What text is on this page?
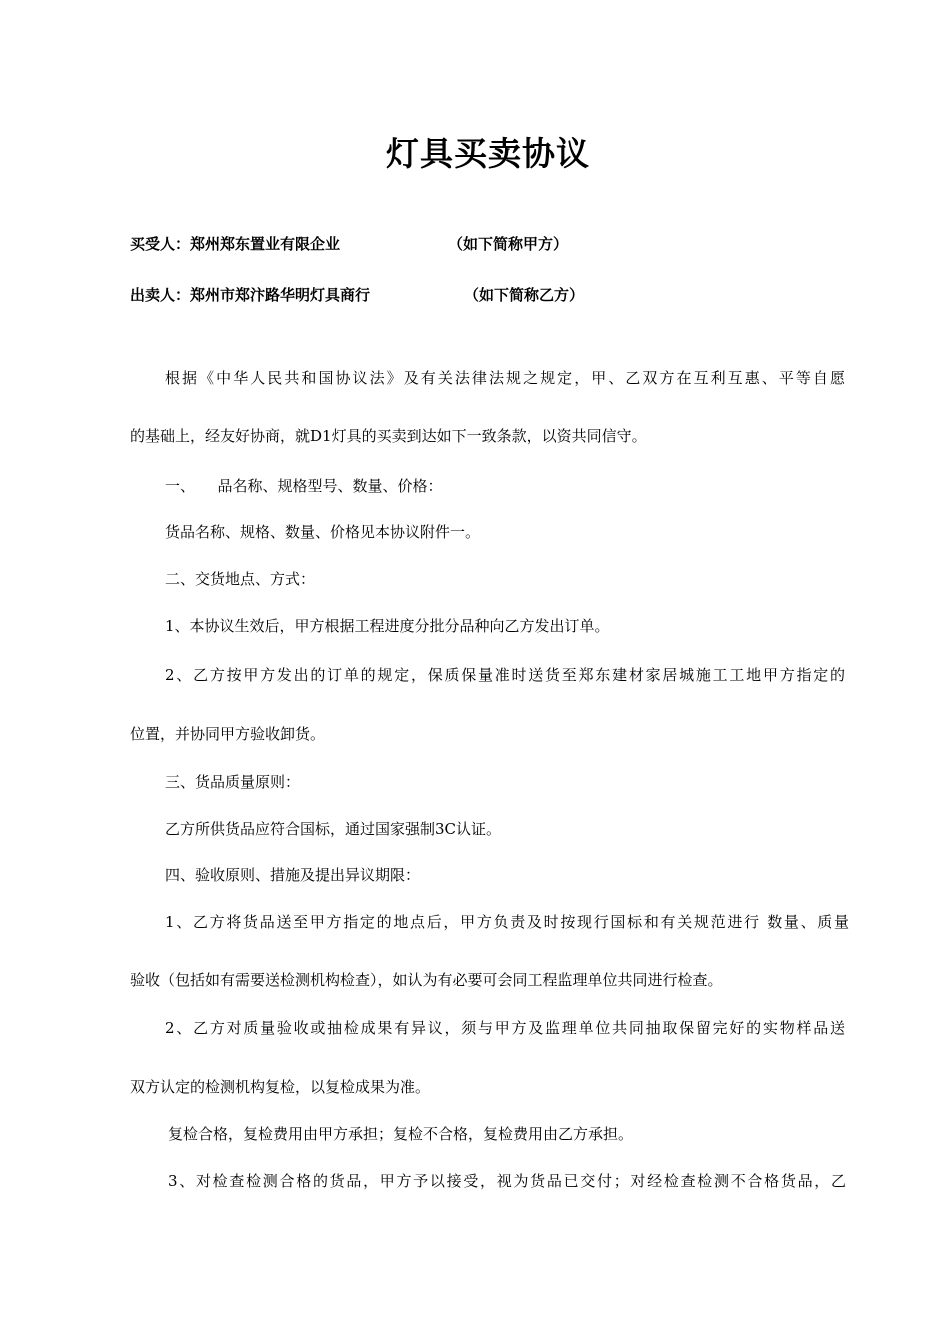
灯具买卖协议
买受人：郑州郑东置业有限企业	（如下简称甲方）
出卖人：郑州市郑汴路华明灯具商行	（如下简称乙方）
根据《中华人民共和国协议法》及有关法律法规之规定，甲、乙双方在互利互惠、平等自愿
的基础上，经友好协商，就D1灯具的买卖到达如下一致条款，以资共同信守。
一、　　品名称、规格型号、数量、价格：
货品名称、规格、数量、价格见本协议附件一。
二、交货地点、方式：
1、本协议生效后，甲方根据工程进度分批分品种向乙方发出订单。
2、乙方按甲方发出的订单的规定，保质保量准时送货至郑东建材家居城施工工地甲方指定的
位置，并协同甲方验收卸货。
三、货品质量原则：
乙方所供货品应符合国标，通过国家强制3C认证。
四、验收原则、措施及提出异议期限：
1、乙方将货品送至甲方指定的地点后，甲方负责及时按现行国标和有关规范进行 数量、质量
验收（包括如有需要送检测机构检查），如认为有必要可会同工程监理单位共同进行检查。
2、乙方对质量验收或抽检成果有异议，须与甲方及监理单位共同抽取保留完好的实物样品送
双方认定的检测机构复检，以复检成果为准。
复检合格，复检费用由甲方承担；复检不合格，复检费用由乙方承担。
3、对检查检测合格的货品，甲方予以接受，视为货品已交付；对经检查检测不合格货品，乙
